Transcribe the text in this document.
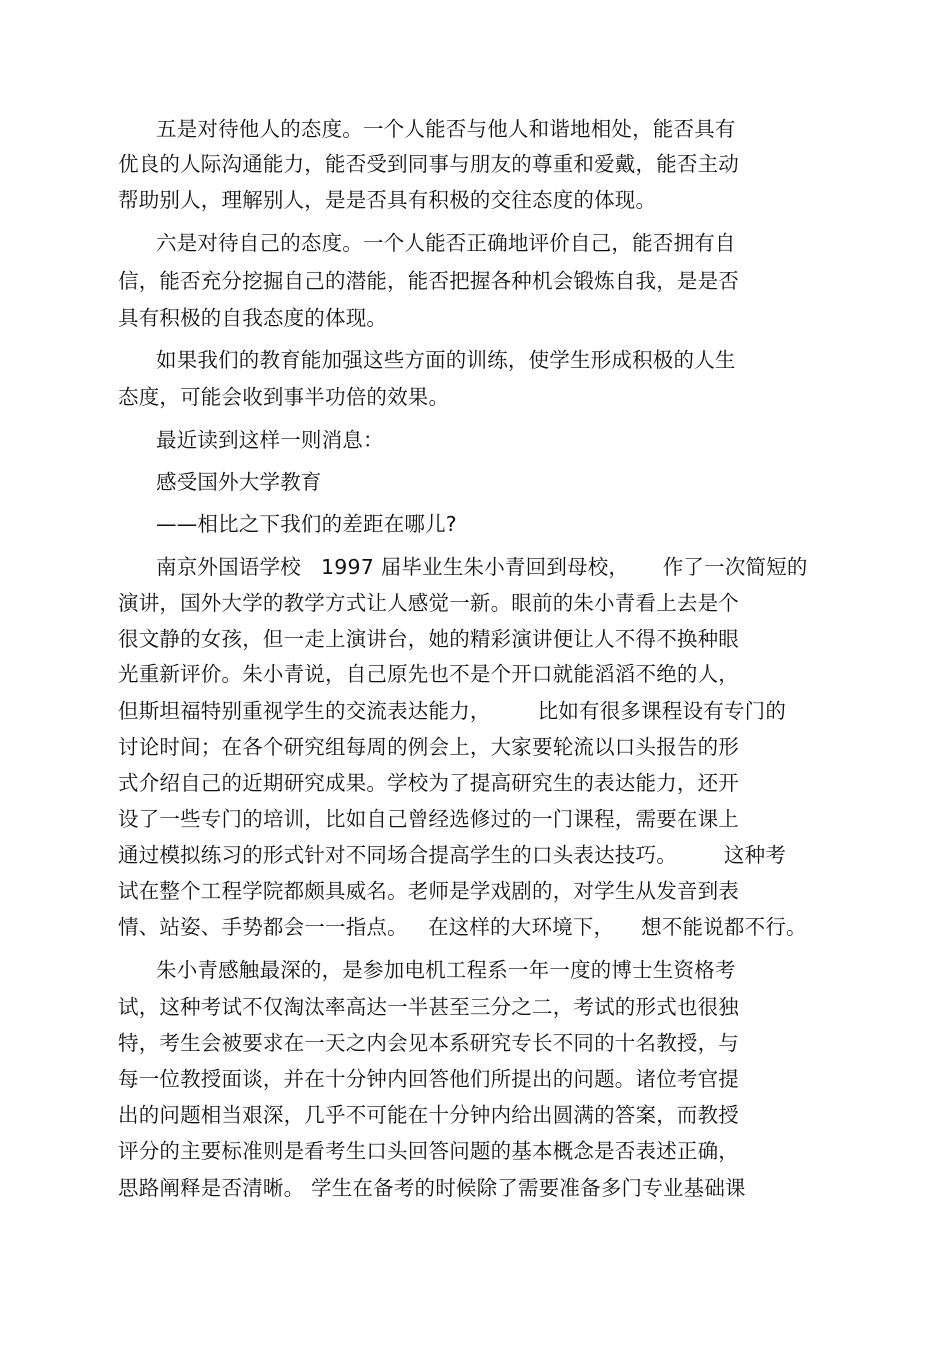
五是对待他人的态度。一个人能否与他人和谐地相处，能否具有
优良的人际沟通能力，能否受到同事与朋友的尊重和爱戴，能否主动
帮助别人，理解别人，是是否具有积极的交往态度的体现。
六是对待自己的态度。一个人能否正确地评价自己，能否拥有自
信，能否充分挖掘自己的潜能，能否把握各种机会锻炼自我，是是否
具有积极的自我态度的体现。
如果我们的教育能加强这些方面的训练，使学生形成积极的人生
态度，可能会收到事半功倍的效果。
最近读到这样一则消息：
感受国外大学教育
——相比之下我们的差距在哪儿?
南京外国语学校   1997 届毕业生朱小青回到母校，     作了一次简短的
演讲，国外大学的教学方式让人感觉一新。眼前的朱小青看上去是个
很文静的女孩，但一走上演讲台，她的精彩演讲便让人不得不换种眼
光重新评价。朱小青说，自己原先也不是个开口就能滔滔不绝的人，
但斯坦福特别重视学生的交流表达能力，       比如有很多课程设有专门的
讨论时间；在各个研究组每周的例会上，大家要轮流以口头报告的形
式介绍自己的近期研究成果。学校为了提高研究生的表达能力，还开
设了一些专门的培训，比如自己曾经选修过的一门课程，需要在课上
通过模拟练习的形式针对不同场合提高学生的口头表达技巧。       这种考
试在整个工程学院都颇具威名。老师是学戏剧的，对学生从发音到表
情、站姿、手势都会一一指点。   在这样的大环境下，    想不能说都不行。
朱小青感触最深的，是参加电机工程系一年一度的博士生资格考
试，这种考试不仅淘汰率高达一半甚至三分之二，考试的形式也很独
特，考生会被要求在一天之内会见本系研究专长不同的十名教授，与
每一位教授面谈，并在十分钟内回答他们所提出的问题。诸位考官提
出的问题相当艰深，几乎不可能在十分钟内给出圆满的答案，而教授
评分的主要标准则是看考生口头回答问题的基本概念是否表述正确，
思路阐释是否清晰。 学生在备考的时候除了需要准备多门专业基础课
